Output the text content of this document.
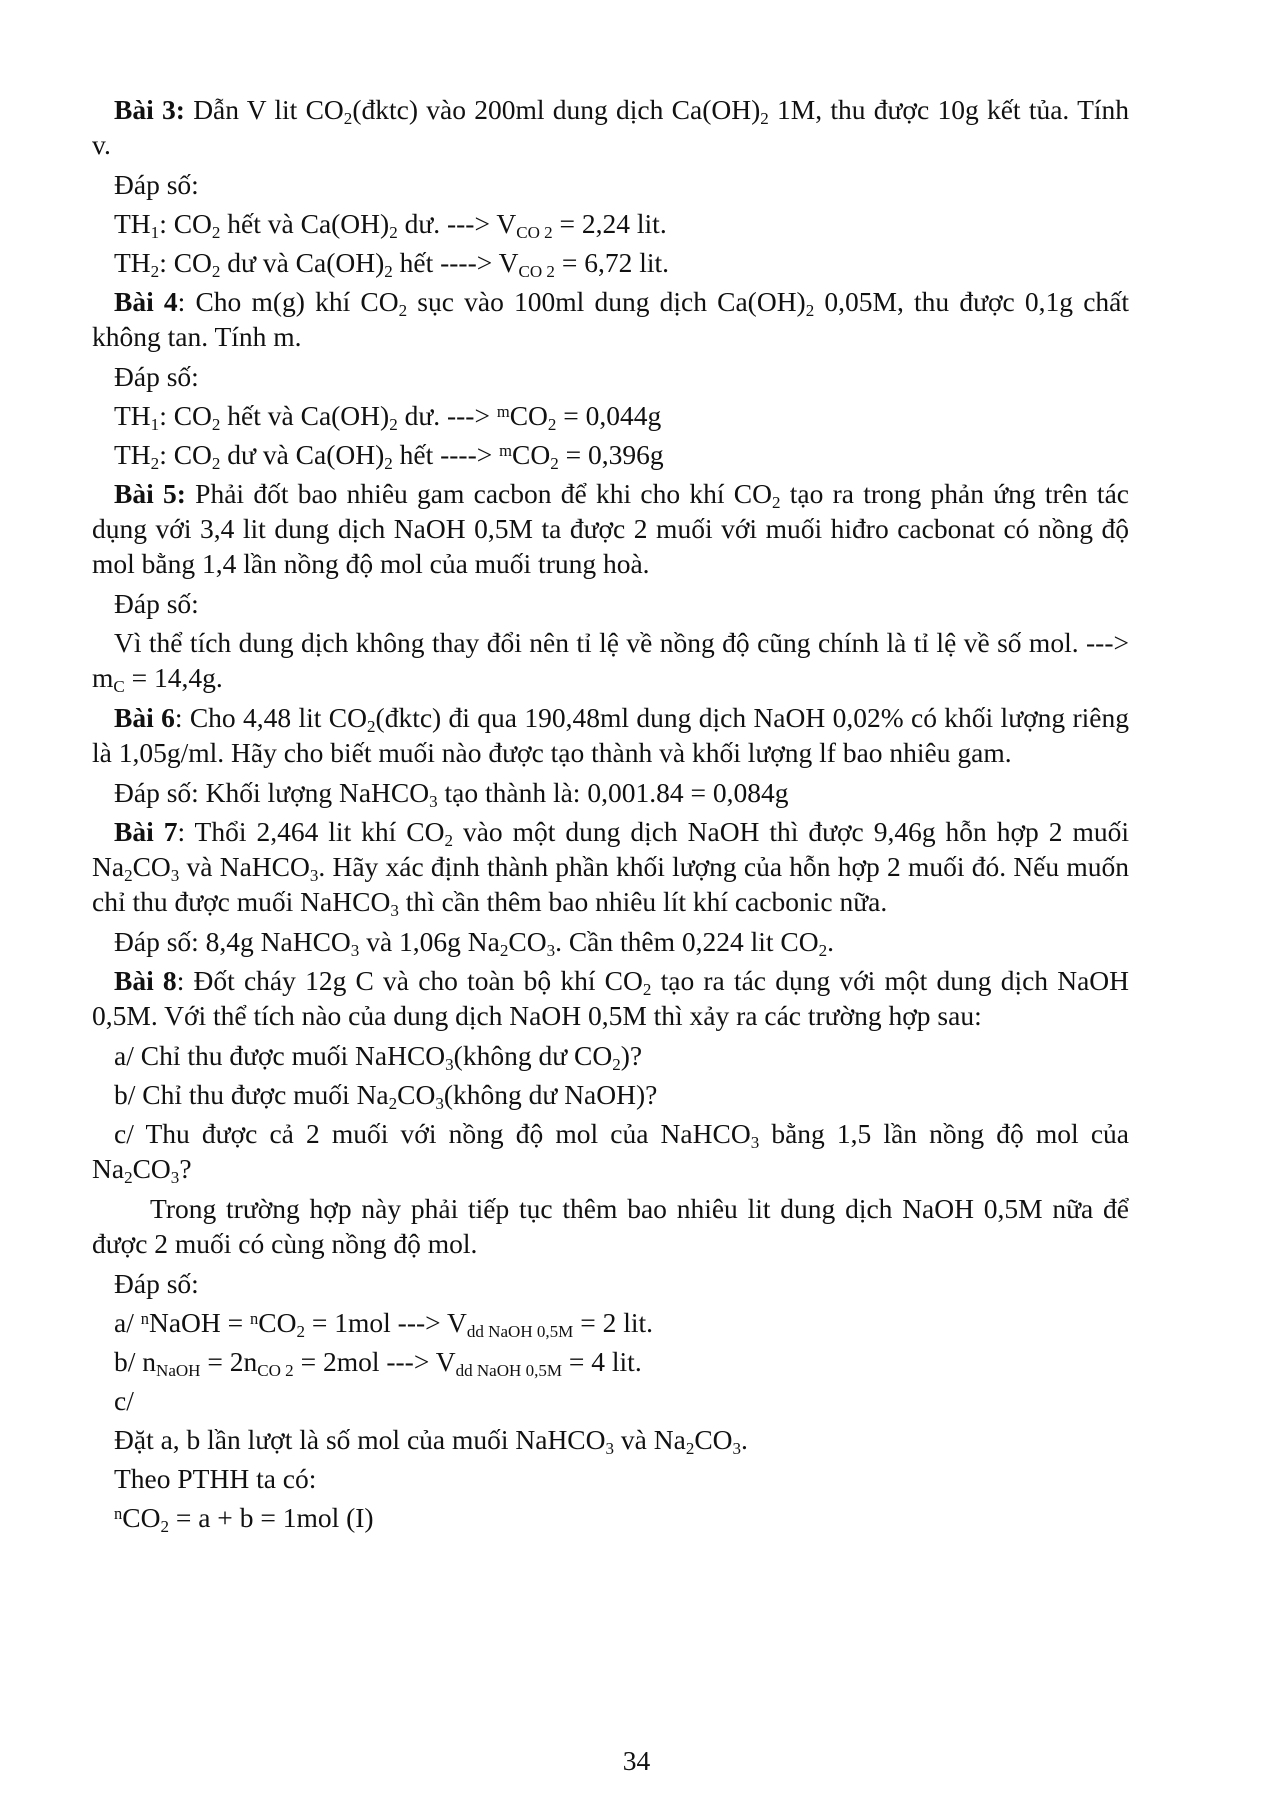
Bài 3: Dẫn V lit $CO_2(đktc)$ vào 200ml dung dịch $Ca(OH)_2$ 1M, thu được 10g kết tủa. Tính v.

Đáp số:

$TH_1$: $CO_2$ hết và $Ca(OH)_2$ dư. ---> $V_{CO 2} = 2,24$ lit.

$TH_2$: $CO_2$ dư và $Ca(OH)_2$ hết ----> $V_{CO 2} = 6,72$ lit.

Bài 4: Cho m(g) khí $CO_2$ sục vào 100ml dung dịch $Ca(OH)_2$ 0,05M, thu được 0,1g chất không tan. Tính m.

Đáp số:

$TH_1$: $CO_2$ hết và $Ca(OH)_2$ dư. ---> $^mCO_2 = 0,044g$

$TH_2$: $CO_2$ dư và $Ca(OH)_2$ hết ----> $^mCO_2 = 0,396g$

Bài 5: Phải đốt bao nhiêu gam cacbon để khi cho khí $CO_2$ tạo ra trong phản ứng trên tác dụng với 3,4 lit dung dịch NaOH 0,5M ta được 2 muối với muối hiđro cacbonat có nồng độ mol bằng 1,4 lần nồng độ mol của muối trung hoà.

Đáp số:

Vì thể tích dung dịch không thay đổi nên tỉ lệ về nồng độ cũng chính là tỉ lệ về số mol. ---> $m_C = 14,4g$.

Bài 6: Cho 4,48 lit $CO_2(đktc)$ đi qua 190,48ml dung dịch NaOH 0,02% có khối lượng riêng là 1,05g/ml. Hãy cho biết muối nào được tạo thành và khối lượng lf bao nhiêu gam.

Đáp số: Khối lượng NaHCO$_3$ tạo thành là: 0,001.84 = 0,084g

Bài 7: Thổi 2,464 lit khí $CO_2$ vào một dung dịch NaOH thì được 9,46g hỗn hợp 2 muối $Na_2CO_3$ và NaHCO$_3$. Hãy xác định thành phần khối lượng của hỗn hợp 2 muối đó. Nếu muốn chỉ thu được muối NaHCO$_3$ thì cần thêm bao nhiêu lít khí cacbonic nữa.

Đáp số: 8,4g NaHCO$_3$ và 1,06g $Na_2CO_3$. Cần thêm 0,224 lit $CO_2$.

Bài 8: Đốt cháy 12g C và cho toàn bộ khí $CO_2$ tạo ra tác dụng với một dung dịch NaOH 0,5M. Với thể tích nào của dung dịch NaOH 0,5M thì xảy ra các trường hợp sau:

a/ Chỉ thu được muối NaHCO$_3$(không dư $CO_2$)?

b/ Chỉ thu được muối $Na_2CO_3(không$ dư NaOH)?

c/ Thu được cả 2 muối với nồng độ mol của NaHCO$_3$ bằng 1,5 lần nồng độ mol của $Na_2CO_3$?

Trong trường hợp này phải tiếp tục thêm bao nhiêu lit dung dịch NaOH 0,5M nữa để được 2 muối có cùng nồng độ mol.

Đáp số:

a/ $^n$NaOH = $^nCO_2 = 1mol$ ---> $V_{dd NaOH 0,5M} = 2$ lit.

b/ $n_{NaOH} = 2n_{CO 2} = 2mol$ ---> $V_{dd NaOH 0,5M} = 4$ lit.

c/

Đặt a, b lần lượt là số mol của muối NaHCO$_3$ và $Na_2CO_3$.

Theo PTHH ta có:

$^nCO_2 = a + b = 1mol$ (I)

34
